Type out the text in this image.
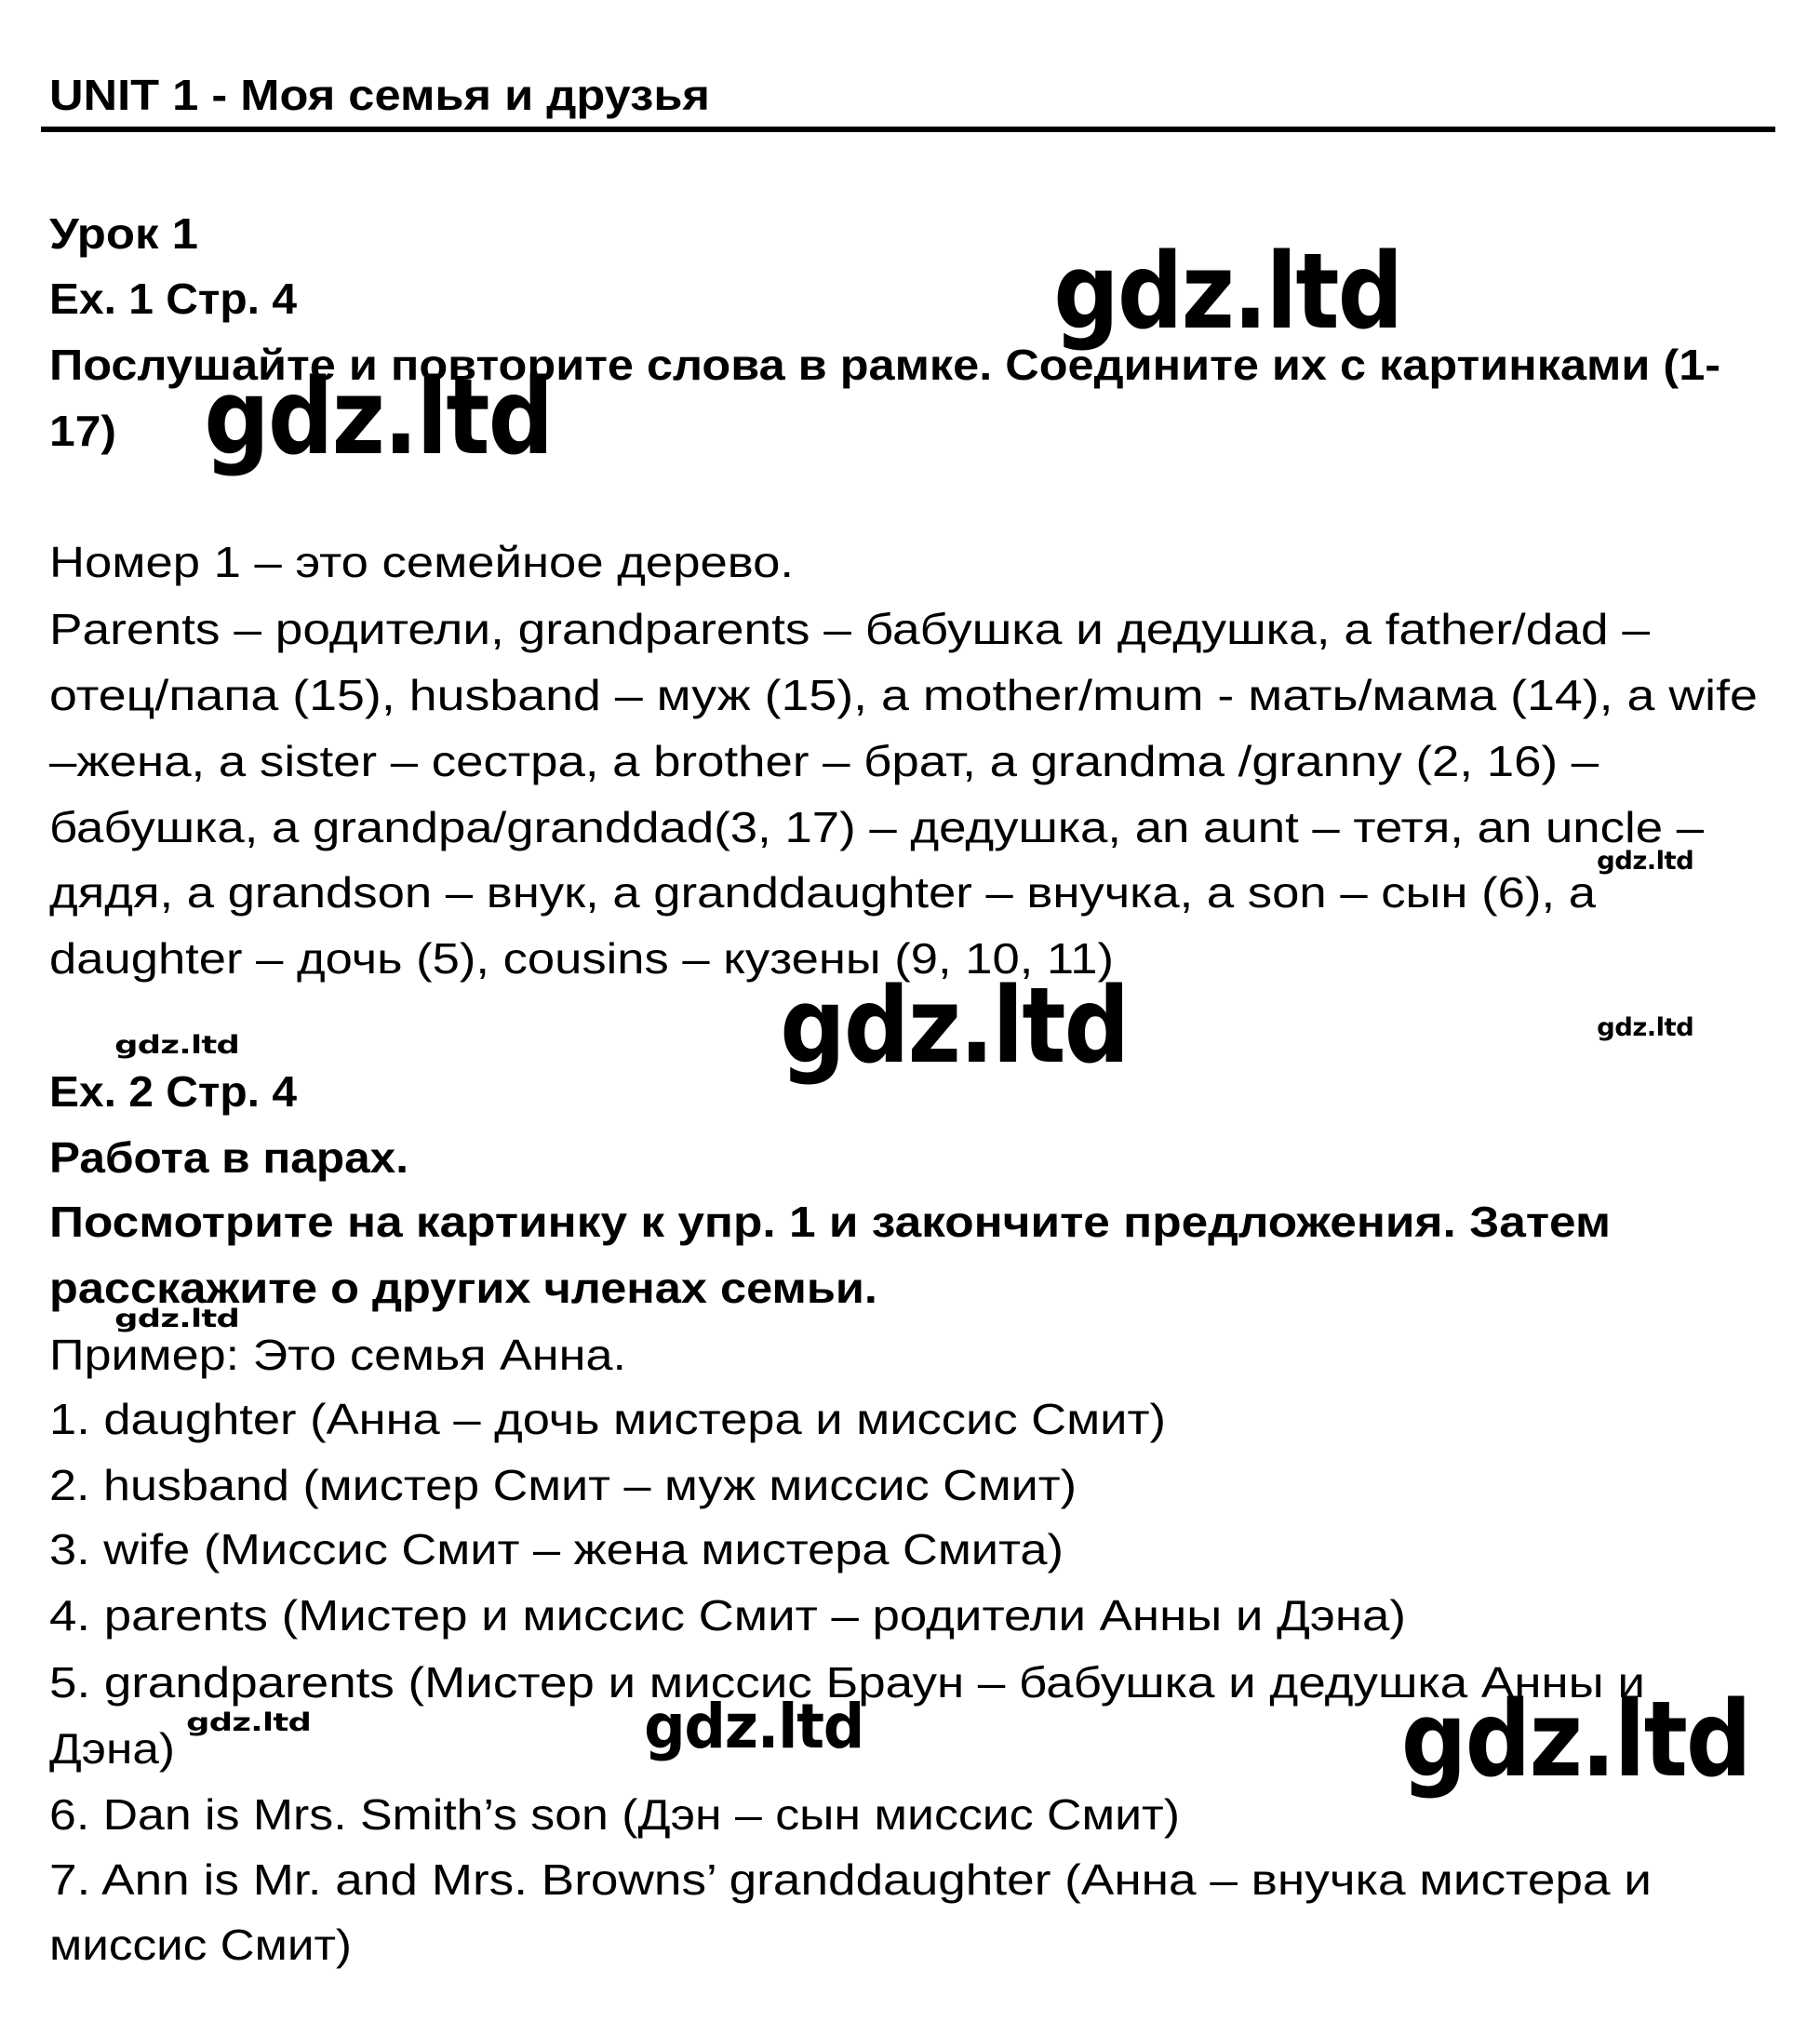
UNIT 1 - Моя семья и друзья
Урок 1
Ex. 1 Стр. 4
Послушайте и повторите слова в рамке. Соедините их с картинками (1-
17)
Номер 1 – это семейное дерево.
Parents – родители, grandparents – бабушка и дедушка, a father/dad –
отец/папа (15), husband – муж (15), a mother/mum - мать/мама (14), a wife
–жена, a sister – сестра, a brother – брат, a grandma /granny (2, 16) –
бабушка, a grandpa/granddad(3, 17) – дедушка, an aunt – тетя, an uncle –
дядя, a grandson – внук, a granddaughter – внучка, a son – сын (6), a
daughter – дочь (5), cousins – кузены (9, 10, 11)
Ex. 2 Стр. 4
Работа в парах.
Посмотрите на картинку к упр. 1 и закончите предложения. Затем
расскажите о других членах семьи.
Пример: Это семья Анна.
1. daughter (Анна – дочь мистера и миссис Смит)
2. husband (мистер Смит – муж миссис Смит)
3. wife (Миссис Смит – жена мистера Смита)
4. parents (Мистер и миссис Смит – родители Анны и Дэна)
5. grandparents (Мистер и миссис Браун – бабушка и дедушка Анны и
Дэна)
6. Dan is Mrs. Smith’s son (Дэн – сын миссис Смит)
7. Ann is Mr. and Mrs. Browns’ granddaughter (Анна – внучка мистера и
миссис Смит)
gdz.ltd
gdz.ltd
gdz.ltd
gdz.ltd
gdz.ltd
gdz.ltd
gdz.ltd
gdz.ltd
gdz.ltd
gdz.ltd
